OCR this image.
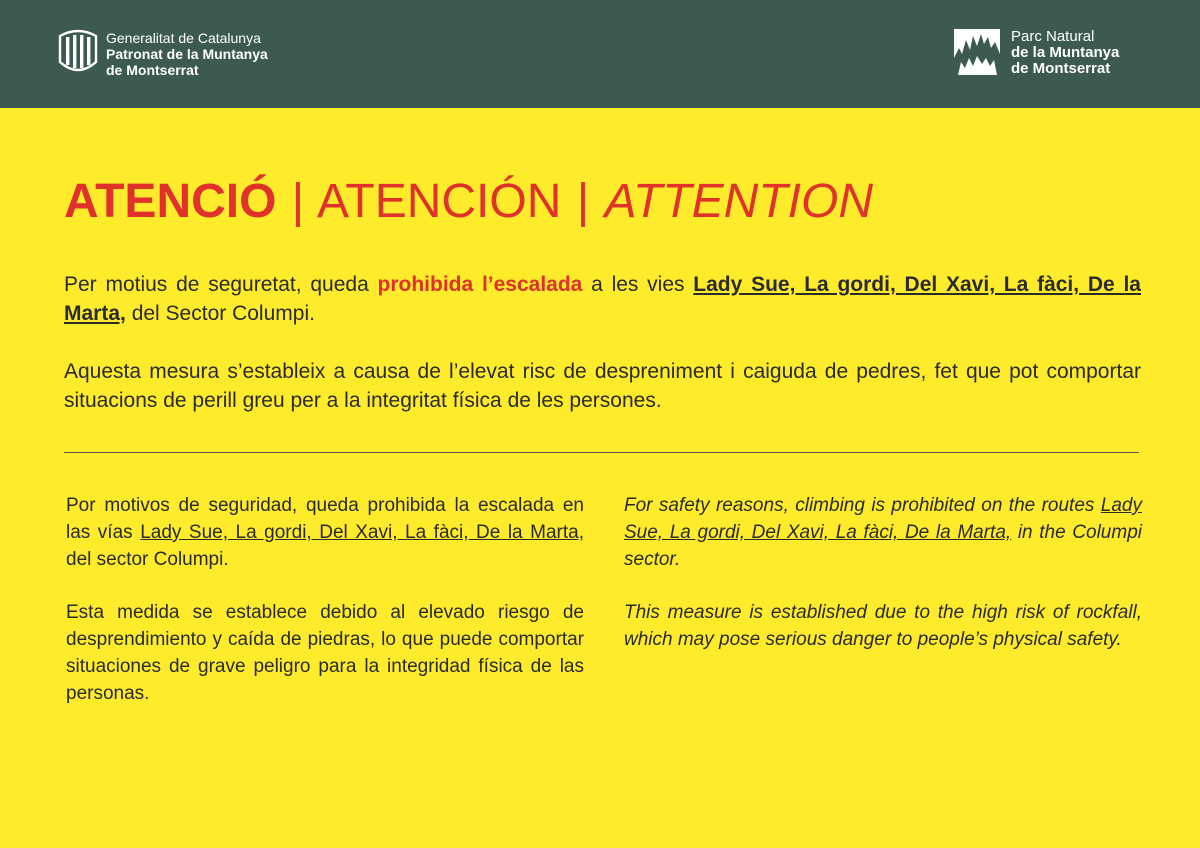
Generalitat de Catalunya
Patronat de la Muntanya
de Montserrat
Parc Natural
de la Muntanya
de Montserrat
ATENCIÓ | ATENCIÓN | ATTENTION
Per motius de seguretat, queda prohibida l’escalada a les vies Lady Sue, La gordi, Del Xavi, La fàci, De la Marta, del Sector Columpi.
Aquesta mesura s’estableix a causa de l’elevat risc de despreniment i caiguda de pedres, fet que pot comportar situacions de perill greu per a la integritat física de les persones.

Por motivos de seguridad, queda prohibida la escalada en las vías Lady Sue, La gordi, Del Xavi, La fàci, De la Marta, del sector Columpi.

Esta medida se establece debido al elevado riesgo de desprendimiento y caída de piedras, lo que puede comportar situaciones de grave peligro para la integridad física de las personas.

For safety reasons, climbing is prohibited on the routes Lady Sue, La gordi, Del Xavi, La fàci, De la Marta, in the Columpi sector.

This measure is established due to the high risk of rockfall, which may pose serious danger to people’s physical safety.
